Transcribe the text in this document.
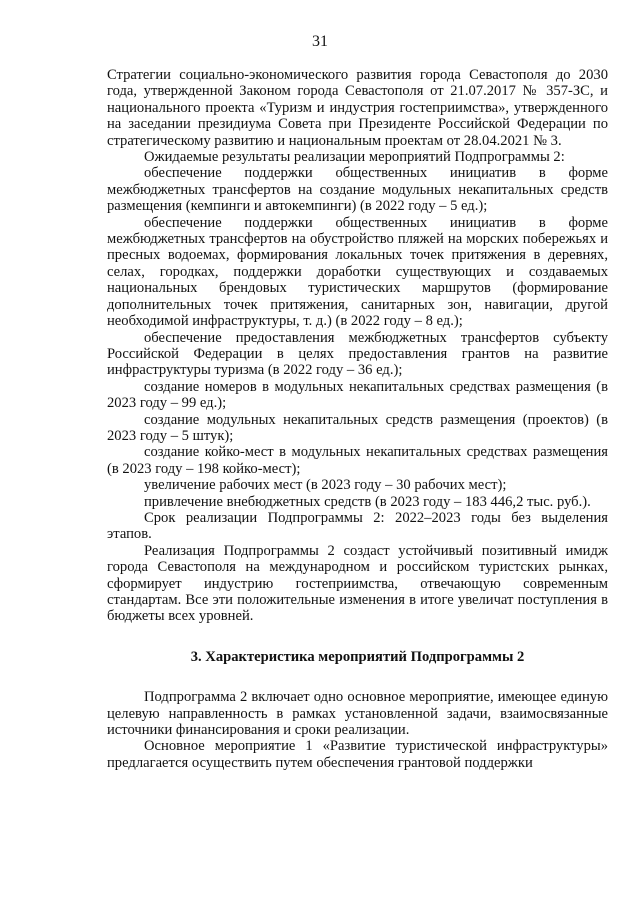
31

Стратегии социально-экономического развития города Севастополя до 2030 года, утвержденной Законом города Севастополя от 21.07.2017 № 357-ЗС, и национального проекта «Туризм и индустрия гостеприимства», утвержденного на заседании президиума Совета при Президенте Российской Федерации по стратегическому развитию и национальным проектам от 28.04.2021 № 3.

Ожидаемые результаты реализации мероприятий Подпрограммы 2:

обеспечение поддержки общественных инициатив в форме межбюджетных трансфертов на создание модульных некапитальных средств размещения (кемпинги и автокемпинги) (в 2022 году – 5 ед.);

обеспечение поддержки общественных инициатив в форме межбюджетных трансфертов на обустройство пляжей на морских побережьях и пресных водоемах, формирования локальных точек притяжения в деревнях, селах, городках, поддержки доработки существующих и создаваемых национальных брендовых туристических маршрутов (формирование дополнительных точек притяжения, санитарных зон, навигации, другой необходимой инфраструктуры, т. д.) (в 2022 году – 8 ед.);

обеспечение предоставления межбюджетных трансфертов субъекту Российской Федерации в целях предоставления грантов на развитие инфраструктуры туризма (в 2022 году – 36 ед.);

создание номеров в модульных некапитальных средствах размещения (в 2023 году – 99 ед.);

создание модульных некапитальных средств размещения (проектов) (в 2023 году – 5 штук);

создание койко-мест в модульных некапитальных средствах размещения (в 2023 году – 198 койко-мест);

увеличение рабочих мест (в 2023 году – 30 рабочих мест);

привлечение внебюджетных средств (в 2023 году – 183 446,2 тыс. руб.).

Срок реализации Подпрограммы 2: 2022–2023 годы без выделения этапов.

Реализация Подпрограммы 2 создаст устойчивый позитивный имидж города Севастополя на международном и российском туристских рынках, сформирует индустрию гостеприимства, отвечающую современным стандартам. Все эти положительные изменения в итоге увеличат поступления в бюджеты всех уровней.

3. Характеристика мероприятий Подпрограммы 2

Подпрограмма 2 включает одно основное мероприятие, имеющее единую целевую направленность в рамках установленной задачи, взаимосвязанные источники финансирования и сроки реализации.

Основное мероприятие 1 «Развитие туристической инфраструктуры» предлагается осуществить путем обеспечения грантовой поддержки
